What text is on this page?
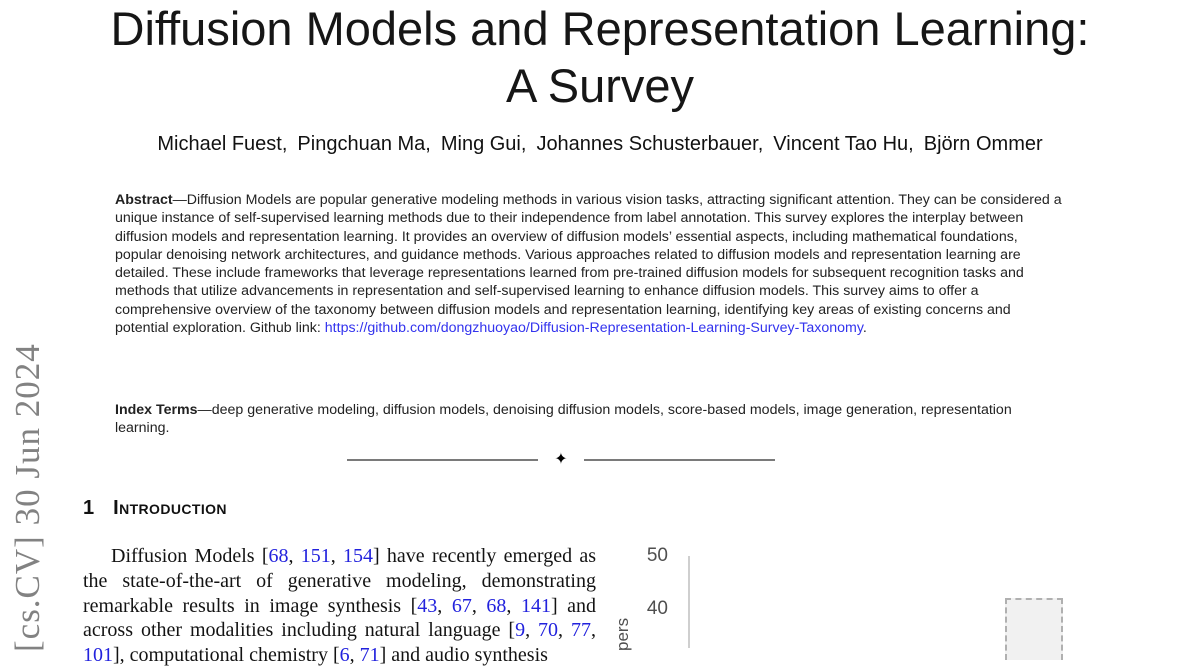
[cs.CV] 30 Jun 2024
Diffusion Models and Representation Learning:
A Survey
Michael Fuest, Pingchuan Ma, Ming Gui, Johannes Schusterbauer, Vincent Tao Hu, Björn Ommer

Abstract—Diffusion Models are popular generative modeling methods in various vision tasks, attracting significant attention. They can be considered a unique instance of self-supervised learning methods due to their independence from label annotation. This survey explores the interplay between diffusion models and representation learning. It provides an overview of diffusion models’ essential aspects, including mathematical foundations, popular denoising network architectures, and guidance methods. Various approaches related to diffusion models and representation learning are detailed. These include frameworks that leverage representations learned from pre-trained diffusion models for subsequent recognition tasks and methods that utilize advancements in representation and self-supervised learning to enhance diffusion models. This survey aims to offer a comprehensive overview of the taxonomy between diffusion models and representation learning, identifying key areas of existing concerns and potential exploration. Github link: https://github.com/dongzhuoyao/Diffusion-Representation-Learning-Survey-Taxonomy.

Index Terms—deep generative modeling, diffusion models, denoising diffusion models, score-based models, image generation, representation learning.

✦
1 Introduction

Diffusion Models [68, 151, 154] have recently emerged as the state-of-the-art of generative modeling, demonstrating remarkable results in image synthesis [43, 67, 68, 141] and across other modalities including natural language [9, 70, 77, 101], computational chemistry [6, 71] and audio synthesis

50
40
pers
